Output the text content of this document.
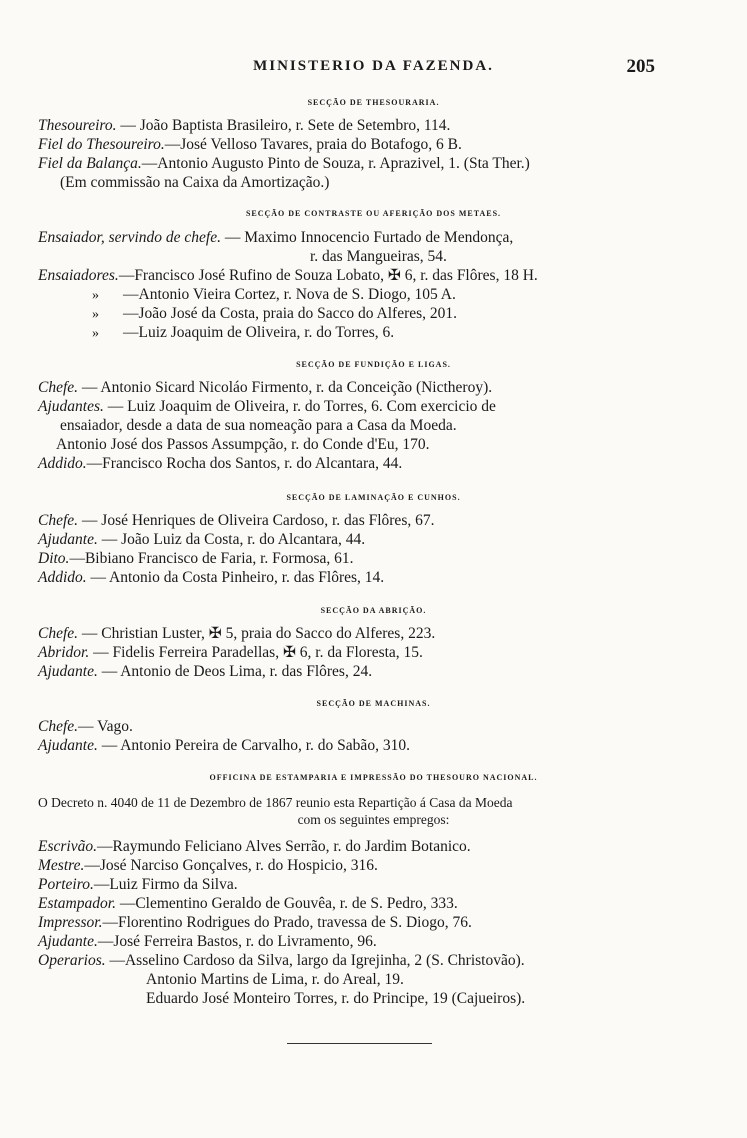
MINISTERIO DA FAZENDA.	205
SECÇÃO DE THESOURARIA.
Thesoureiro. — João Baptista Brasileiro, r. Sete de Setembro, 114.
Fiel do Thesoureiro.—José Velloso Tavares, praia do Botafogo, 6 B.
Fiel da Balança.—Antonio Augusto Pinto de Souza, r. Aprazivel, 1. (Sta Ther.)
(Em commissão na Caixa da Amortização.)
SECÇÃO DE CONTRASTE OU AFERIÇÃO DOS METAES.
Ensaiador, servindo de chefe. — Maximo Innocencio Furtado de Mendonça,
r. das Mangueiras, 54.
Ensaiadores.—Francisco José Rufino de Souza Lobato, ✠ 6, r. das Flôres, 18 H.
» —Antonio Vieira Cortez, r. Nova de S. Diogo, 105 A.
» —João José da Costa, praia do Sacco do Alferes, 201.
» —Luiz Joaquim de Oliveira, r. do Torres, 6.
SECÇÃO DE FUNDIÇÃO E LIGAS.
Chefe. — Antonio Sicard Nicoláo Firmento, r. da Conceição (Nictheroy).
Ajudantes. — Luiz Joaquim de Oliveira, r. do Torres, 6. Com exercicio de
ensaiador, desde a data de sua nomeação para a Casa da Moeda.
Antonio José dos Passos Assumpção, r. do Conde d'Eu, 170.
Addido.—Francisco Rocha dos Santos, r. do Alcantara, 44.
SECÇÃO DE LAMINAÇÃO E CUNHOS.
Chefe. — José Henriques de Oliveira Cardoso, r. das Flôres, 67.
Ajudante. — João Luiz da Costa, r. do Alcantara, 44.
Dito.—Bibiano Francisco de Faria, r. Formosa, 61.
Addido. — Antonio da Costa Pinheiro, r. das Flôres, 14.
SECÇÃO DA ABRIÇÃO.
Chefe. — Christian Luster, ✠ 5, praia do Sacco do Alferes, 223.
Abridor. — Fidelis Ferreira Paradellas, ✠ 6, r. da Floresta, 15.
Ajudante. — Antonio de Deos Lima, r. das Flôres, 24.
SECÇÃO DE MACHINAS.
Chefe.— Vago.
Ajudante. — Antonio Pereira de Carvalho, r. do Sabão, 310.
OFFICINA DE ESTAMPARIA E IMPRESSÃO DO THESOURO NACIONAL.
O Decreto n. 4040 de 11 de Dezembro de 1867 reunio esta Repartição á Casa da Moeda
com os seguintes empregos:
Escrivão.—Raymundo Feliciano Alves Serrão, r. do Jardim Botanico.
Mestre.—José Narciso Gonçalves, r. do Hospicio, 316.
Porteiro.—Luiz Firmo da Silva.
Estampador. —Clementino Geraldo de Gouvêa, r. de S. Pedro, 333.
Impressor.—Florentino Rodrigues do Prado, travessa de S. Diogo, 76.
Ajudante.—José Ferreira Bastos, r. do Livramento, 96.
Operarios. —Asselino Cardoso da Silva, largo da Igrejinha, 2 (S. Christovão).
Antonio Martins de Lima, r. do Areal, 19.
Eduardo José Monteiro Torres, r. do Principe, 19 (Cajueiros).
